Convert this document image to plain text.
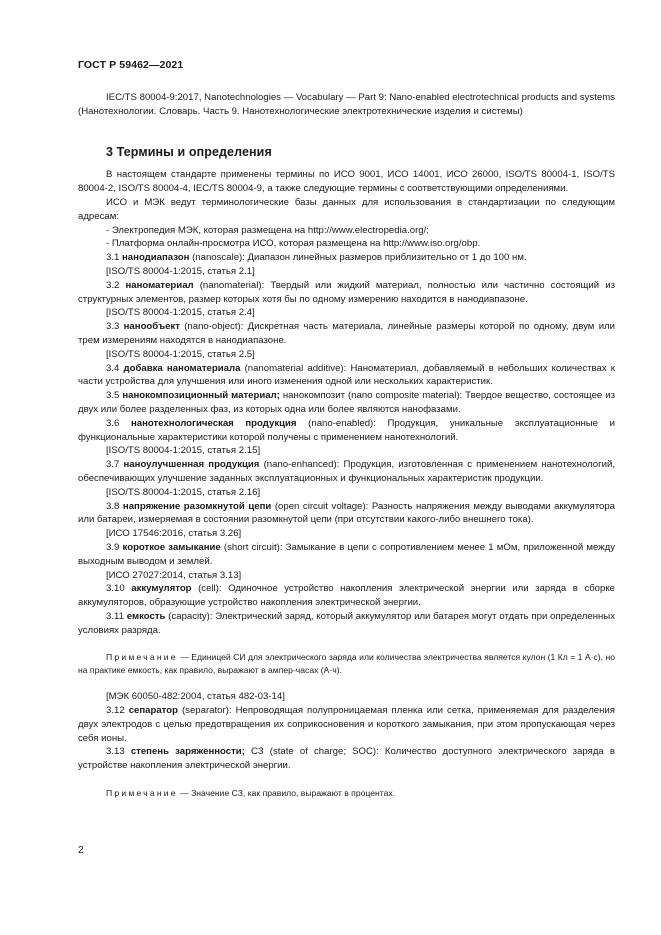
ГОСТ Р 59462—2021

IEC/TS 80004-9:2017, Nanotechnologies — Vocabulary — Part 9: Nano-enabled electrotechnical products and systems (Нанотехнологии. Словарь. Часть 9. Нанотехнологические электротехнические изделия и системы)

3 Термины и определения

В настоящем стандарте применены термины по ИСО 9001, ИСО 14001, ИСО 26000, ISO/TS 80004-1, ISO/TS 80004-2, ISO/TS 80004-4, IEC/TS 80004-9, а также следующие термины с соответствующими определениями.

ИСО и МЭК ведут терминологические базы данных для использования в стандартизации по следующим адресам:

- Электропедия МЭК, которая размещена на http://www.electropedia.org/;

- Платформа онлайн-просмотра ИСО, которая размещена на http://www.iso.org/obp.

3.1 нанодиапазон (nanoscale): Диапазон линейных размеров приблизительно от 1 до 100 нм.

[ISO/TS 80004-1:2015, статья 2.1]

3.2 наноматериал (nanomaterial): Твердый или жидкий материал, полностью или частично состоящий из структурных элементов, размер которых хотя бы по одному измерению находится в нанодиапазоне.

[ISO/TS 80004-1:2015, статья 2.4]

3.3 нанообъект (nano-object): Дискретная часть материала, линейные размеры которой по одному, двум или трем измерениям находятся в нанодиапазоне.

[ISO/TS 80004-1:2015, статья 2.5]

3.4 добавка наноматериала (nanomaterial additive): Наноматериал, добавляемый в небольших количествах к части устройства для улучшения или иного изменения одной или нескольких характеристик.

3.5 нанокомпозиционный материал; нанокомпозит (nano composite material): Твердое вещество, состоящее из двух или более разделенных фаз, из которых одна или более являются нанофазами.

3.6 нанотехнологическая продукция (nano-enabled): Продукция, уникальные эксплуатационные и функциональные характеристики которой получены с применением нанотехнологий.

[ISO/TS 80004-1:2015, статья 2.15]

3.7 наноулучшенная продукция (nano-enhanced): Продукция, изготовленная с применением нанотехнологий, обеспечивающих улучшение заданных эксплуатационных и функциональных характеристик продукции.

[ISO/TS 80004-1:2015, статья 2.16]

3.8 напряжение разомкнутой цепи (open circuit voltage): Разность напряжения между выводами аккумулятора или батареи, измеряемая в состоянии разомкнутой цепи (при отсутствии какого-либо внешнего тока).

[ИСО 17546:2016, статья 3.26]

3.9 короткое замыкание (short circuit): Замыкание в цепи с сопротивлением менее 1 мОм, приложенной между выходным выводом и землей.

[ИСО 27027:2014, статья 3.13]

3.10 аккумулятор (cell): Одиночное устройство накопления электрической энергии или заряда в сборке аккумуляторов, образующие устройство накопления электрической энергии.

3.11 емкость (capacity): Электрический заряд, который аккумулятор или батарея могут отдать при определенных условиях разряда.

Примечание — Единицей СИ для электрического заряда или количества электричества является кулон (1 Кл = 1 А·с), но на практике емкость, как правило, выражают в ампер-часах (А·ч).

[МЭК 60050-482:2004, статья 482-03-14]

3.12 сепаратор (separator): Непроводящая полупроницаемая пленка или сетка, применяемая для разделения двух электродов с целью предотвращения их соприкосновения и короткого замыкания, при этом пропускающая через себя ионы.

3.13 степень заряженности; СЗ (state of charge; SOC): Количество доступного электрического заряда в устройстве накопления электрической энергии.

Примечание — Значение СЗ, как правило, выражают в процентах.

2
